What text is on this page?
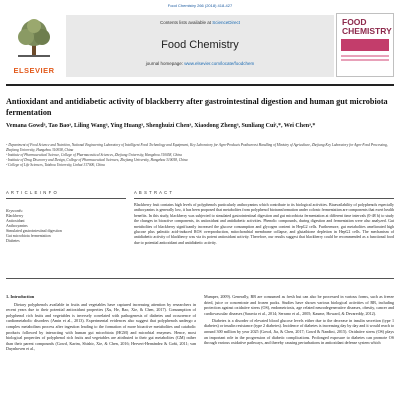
Food Chemistry 266 (2018) 418-427
ELSEVIER
Contents lists available at ScienceDirect
Food Chemistry
journal homepage: www.elsevier.com/locate/foodchem
FOOD
CHEMISTRY
Antioxidant and antidiabetic activity of blackberry after gastrointestinal digestion and human gut microbiota fermentation
Vemana Gowdᵃ, Tao Baoᵃ, Liling Wangᵃ, Ying Huangᵃ, Shenghuizi Chenᵃ, Xiaodong Zhengᵃ, Sunliang Cuiᶜ,*, Wei Chenᵃ,*
ᵃ Department of Food Science and Nutrition, National Engineering Laboratory of Intelligent Food Technology and Equipment, Key Laboratory for Agro-Products Postharvest Handling of Ministry of Agriculture, Zhejiang Key Laboratory for Agro-Food Processing, Zhejiang University, Hangzhou 310058, China
ᵇ Institute of Pharmaceutical Science, College of Pharmaceutical Sciences, Zhejiang University, Hangzhou 310058, China
ᶜ Institute of Drug Discovery and Design, College of Pharmaceutical Sciences, Zhejiang University, Hangzhou 310058, China
ᵈ College of Life Sciences, Taizhou University, Linhai 317000, China
A R T I C L E I N F O	A B S T R A C T
Keywords:
Blackberry
Antioxidant
Anthocyanins
Simulated gastrointestinal digestion
Gut microbiota fermentation
Diabetes
Blackberry fruit contains high levels of polyphenols particularly anthocyanins which contribute to its biological activities. Bioavailability of polyphenols especially anthocyanins is generally low, it has been proposed that metabolites from polyphenol biotransformation under colonic fermentation are components that exert health benefits. In this study, blackberry was subjected to simulated gastrointestinal digestion and gut microbiota fermentation at different time intervals (0-48 h) to study the changes in bioactive components, its antioxidant and antidiabetic activities. Phenolic compounds, during digestion and fermentation were also analyzed. Gut metabolites of blackberry significantly increased the glucose consumption and glycogen content in HepG2 cells. Furthermore, gut metabolites ameliorated high glucose plus palmitic acid-induced ROS overproduction, mitochondrial membrane collapse, and glutathione depletion in HepG2 cells. The mechanism of antidiabetic activity of blackberry was via its potent antioxidant activity. Therefore, our results suggest that blackberry could be recommended as a functional food due to potential antioxidant and antidiabetic activity.
1. Introduction

Dietary polyphenols available in fruits and vegetables have captured increasing attention by researchers in recent years due to their potential antioxidant properties (Xu, He, Bao, Xie, & Chen, 2017). Consumption of polyphenol rich fruits and vegetables is inversely correlated with pathogenesis of diabetes and occurrence of cardiometabolic disorders (Amin et al., 2013). Experimental evidences also suggest that polyphenols undergo a complex metabolism process after ingestion leading to the formation of more bioactive metabolites and catabolic products followed by interacting with human gut microbiota (HGM) and microbial enzymes. Hence, most biological properties of polyphenol rich fruits and vegetables are attributed to their gut metabolites (GM) rather than their parent compounds (Gowd, Karim, Shishir, Xie, & Chen, 2016; Hervert-Hernández & Goñi, 2011; van Duynhoven et al.,

Mumper, 2009). Generally, BB are consumed as fresh but can also be processed in various forms, such as freeze dried, juice or concentrate and frozen packs. Studies have shown various biological activities of BB, including protection against oxidative stress (OS), endometriosis, age related neurodegenerative diseases, obesity, cancer and cardiovascular diseases (Saravia et al., 2014; Serrano et al., 2005; Kaume, Howard, & Devareddy, 2012).

Diabetes is a disorder of elevated blood glucose levels either due to the decrease in insulin secretion (type 1 diabetes) or insulin resistance (type 2 diabetes). Incidence of diabetes is increasing day by day and it would reach to around 300 million by year 2025 (Gowd, Jia, & Chen, 2017; Gowd & Nandini, 2015). Oxidative stress (OS) plays an important role in the progression of diabetic complications. Prolonged exposure to diabetes can promote OS through various oxidative pathways, and thereby causing perturbations in antioxidant defense system which
